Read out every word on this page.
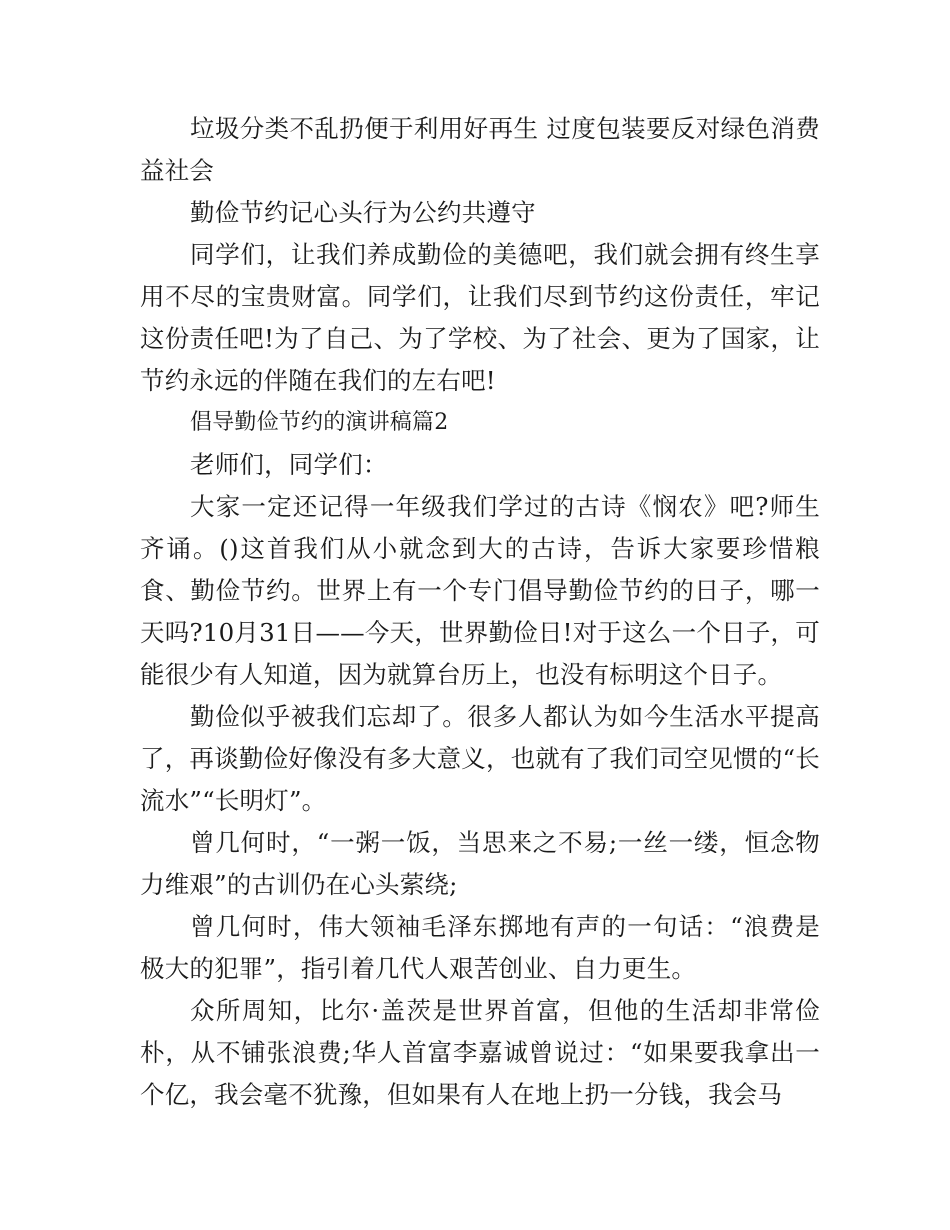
垃圾分类不乱扔便于利用好再生 过度包装要反对绿色消费益社会

勤俭节约记心头行为公约共遵守

同学们，让我们养成勤俭的美德吧，我们就会拥有终生享用不尽的宝贵财富。同学们，让我们尽到节约这份责任，牢记这份责任吧!为了自己、为了学校、为了社会、更为了国家，让节约永远的伴随在我们的左右吧!

倡导勤俭节约的演讲稿篇2

老师们，同学们：

大家一定还记得一年级我们学过的古诗《悯农》吧?师生齐诵。()这首我们从小就念到大的古诗，告诉大家要珍惜粮食、勤俭节约。世界上有一个专门倡导勤俭节约的日子，哪一天吗?10月31日——今天，世界勤俭日!对于这么一个日子，可能很少有人知道，因为就算台历上，也没有标明这个日子。

勤俭似乎被我们忘却了。很多人都认为如今生活水平提高了，再谈勤俭好像没有多大意义，也就有了我们司空见惯的“长流水”“长明灯”。

曾几何时，“一粥一饭，当思来之不易;一丝一缕，恒念物力维艰”的古训仍在心头萦绕;

曾几何时，伟大领袖毛泽东掷地有声的一句话：“浪费是极大的犯罪”，指引着几代人艰苦创业、自力更生。

众所周知，比尔·盖茨是世界首富，但他的生活却非常俭朴，从不铺张浪费;华人首富李嘉诚曾说过：“如果要我拿出一个亿，我会毫不犹豫，但如果有人在地上扔一分钱，我会马
